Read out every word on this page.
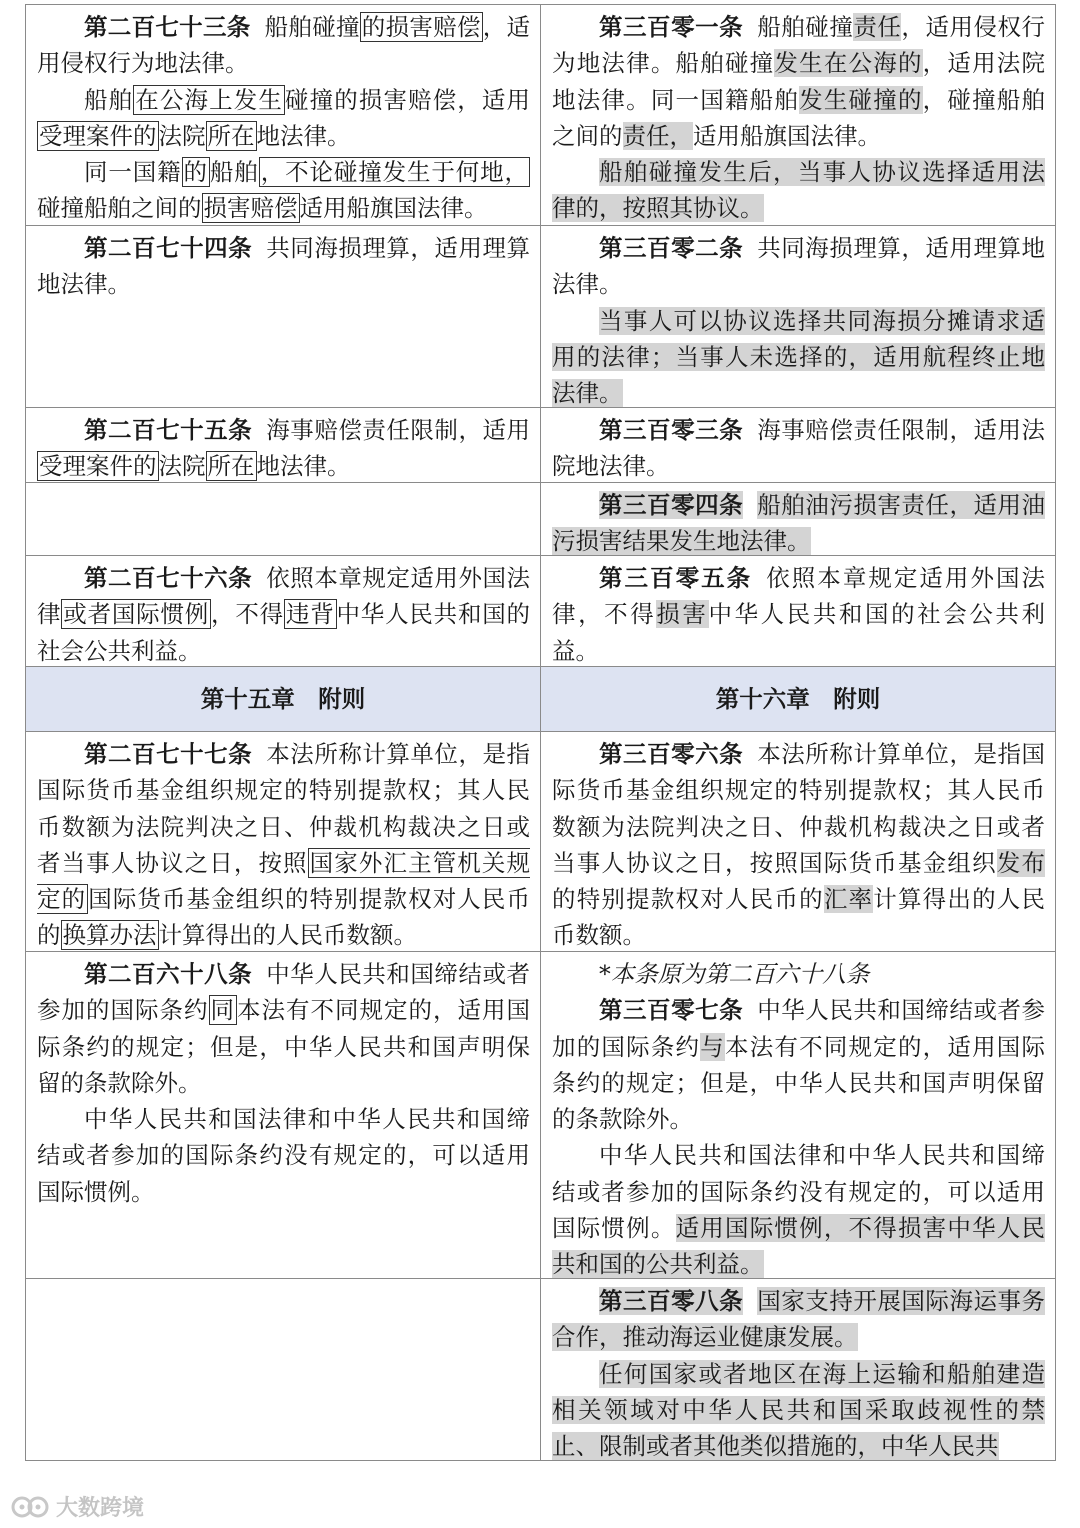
第二百七十三条 船舶碰撞的损害赔偿，适用侵权行为地法律。

船舶在公海上发生碰撞的损害赔偿，适用受理案件的法院所在地法律。

同一国籍的船舶，不论碰撞发生于何地，碰撞船舶之间的损害赔偿适用船旗国法律。

第三百零一条 船舶碰撞责任，适用侵权行为地法律。船舶碰撞发生在公海的，适用法院地法律。同一国籍船舶发生碰撞的，碰撞船舶之间的责任，适用船旗国法律。

船舶碰撞发生后，当事人协议选择适用法律的，按照其协议。

第二百七十四条 共同海损理算，适用理算地法律。

第三百零二条 共同海损理算，适用理算地法律。

当事人可以协议选择共同海损分摊请求适用的法律；当事人未选择的，适用航程终止地法律。

第二百七十五条 海事赔偿责任限制，适用受理案件的法院所在地法律。

第三百零三条 海事赔偿责任限制，适用法院地法律。

第三百零四条 船舶油污损害责任，适用油污损害结果发生地法律。

第二百七十六条 依照本章规定适用外国法律或者国际惯例，不得违背中华人民共和国的社会公共利益。

第三百零五条 依照本章规定适用外国法律，不得损害中华人民共和国的社会公共利益。

第十五章　附则	第十六章　附则

第二百七十七条 本法所称计算单位，是指国际货币基金组织规定的特别提款权；其人民币数额为法院判决之日、仲裁机构裁决之日或者当事人协议之日，按照国家外汇主管机关规定的国际货币基金组织的特别提款权对人民币的换算办法计算得出的人民币数额。

第三百零六条 本法所称计算单位，是指国际货币基金组织规定的特别提款权；其人民币数额为法院判决之日、仲裁机构裁决之日或者当事人协议之日，按照国际货币基金组织发布的特别提款权对人民币的汇率计算得出的人民币数额。

第二百六十八条 中华人民共和国缔结或者参加的国际条约同本法有不同规定的，适用国际条约的规定；但是，中华人民共和国声明保留的条款除外。

中华人民共和国法律和中华人民共和国缔结或者参加的国际条约没有规定的，可以适用国际惯例。

*本条原为第二百六十八条

第三百零七条 中华人民共和国缔结或者参加的国际条约与本法有不同规定的，适用国际条约的规定；但是，中华人民共和国声明保留的条款除外。

中华人民共和国法律和中华人民共和国缔结或者参加的国际条约没有规定的，可以适用国际惯例。适用国际惯例，不得损害中华人民共和国的公共利益。

第三百零八条 国家支持开展国际海运事务合作，推动海运业健康发展。

任何国家或者地区在海上运输和船舶建造相关领域对中华人民共和国采取歧视性的禁止、限制或者其他类似措施的，中华人民共

大数跨境
